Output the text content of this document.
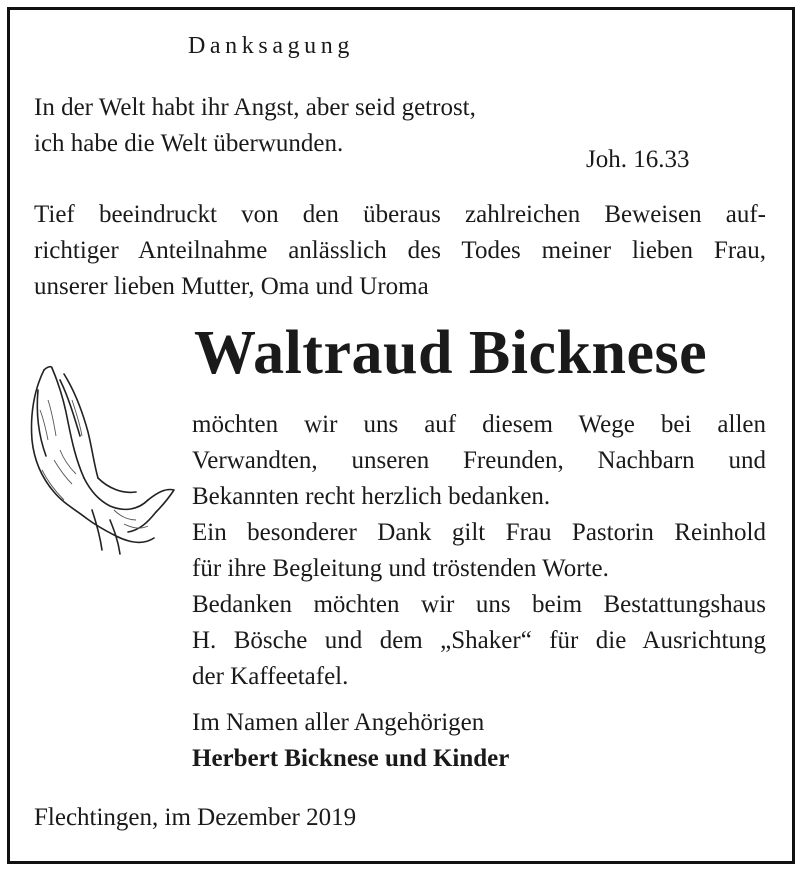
Danksagung

In der Welt habt ihr Angst, aber seid getrost,
ich habe die Welt überwunden.

Joh. 16.33

Tief beeindruckt von den überaus zahlreichen Beweisen auf-
richtiger Anteilnahme anlässlich des Todes meiner lieben Frau,
unserer lieben Mutter, Oma und Uroma

Waltraud Bicknese

möchten wir uns auf diesem Wege bei allen
Verwandten, unseren Freunden, Nachbarn und
Bekannten recht herzlich bedanken.
Ein besonderer Dank gilt Frau Pastorin Reinhold
für ihre Begleitung und tröstenden Worte.
Bedanken möchten wir uns beim Bestattungshaus
H. Bösche und dem „Shaker“ für die Ausrichtung
der Kaffeetafel.

Im Namen aller Angehörigen

Herbert Bicknese und Kinder

Flechtingen, im Dezember 2019
